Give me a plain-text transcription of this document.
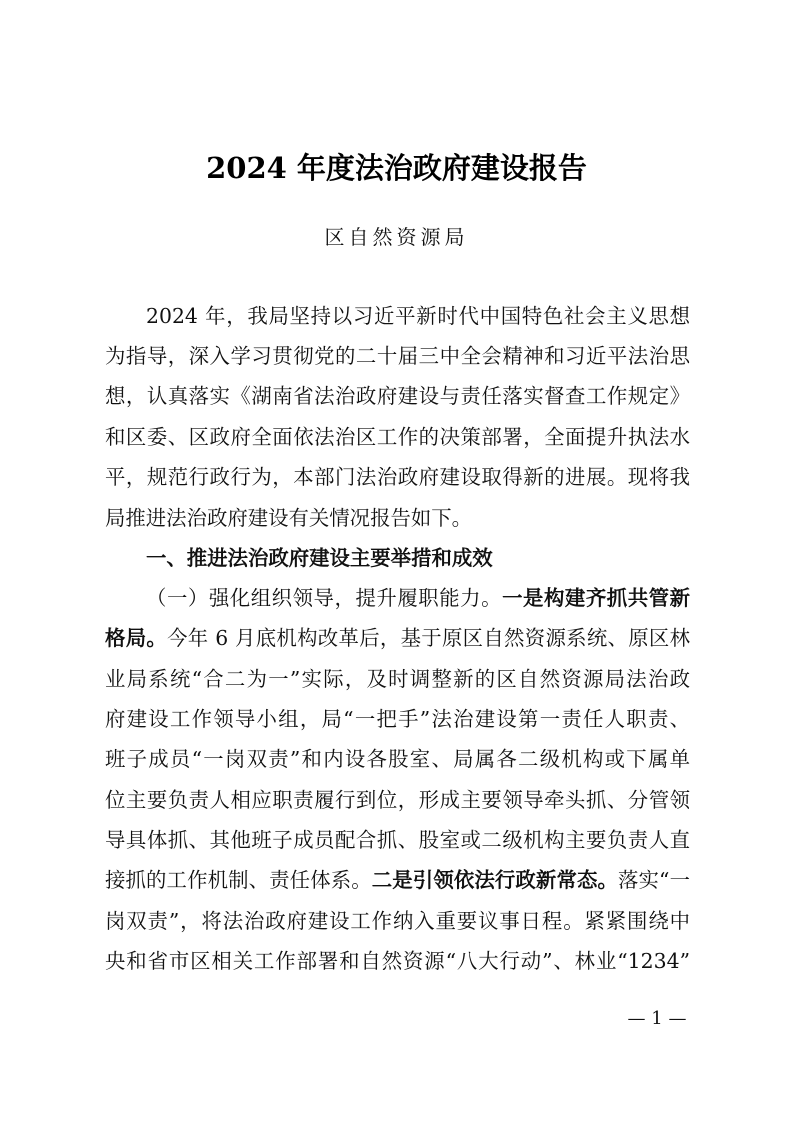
2024 年度法治政府建设报告
区自然资源局
2024 年，我局坚持以习近平新时代中国特色社会主义思想
为指导，深入学习贯彻党的二十届三中全会精神和习近平法治思
想，认真落实《湖南省法治政府建设与责任落实督查工作规定》
和区委、区政府全面依法治区工作的决策部署，全面提升执法水
平，规范行政行为，本部门法治政府建设取得新的进展。现将我
局推进法治政府建设有关情况报告如下。
一、推进法治政府建设主要举措和成效
（一）强化组织领导，提升履职能力。一是构建齐抓共管新
格局。今年 6 月底机构改革后，基于原区自然资源系统、原区林
业局系统“合二为一”实际，及时调整新的区自然资源局法治政
府建设工作领导小组，局“一把手”法治建设第一责任人职责、
班子成员“一岗双责”和内设各股室、局属各二级机构或下属单
位主要负责人相应职责履行到位，形成主要领导牵头抓、分管领
导具体抓、其他班子成员配合抓、股室或二级机构主要负责人直
接抓的工作机制、责任体系。二是引领依法行政新常态。落实“一
岗双责”，将法治政府建设工作纳入重要议事日程。紧紧围绕中
央和省市区相关工作部署和自然资源“八大行动”、林业“1234”
— 1 —
